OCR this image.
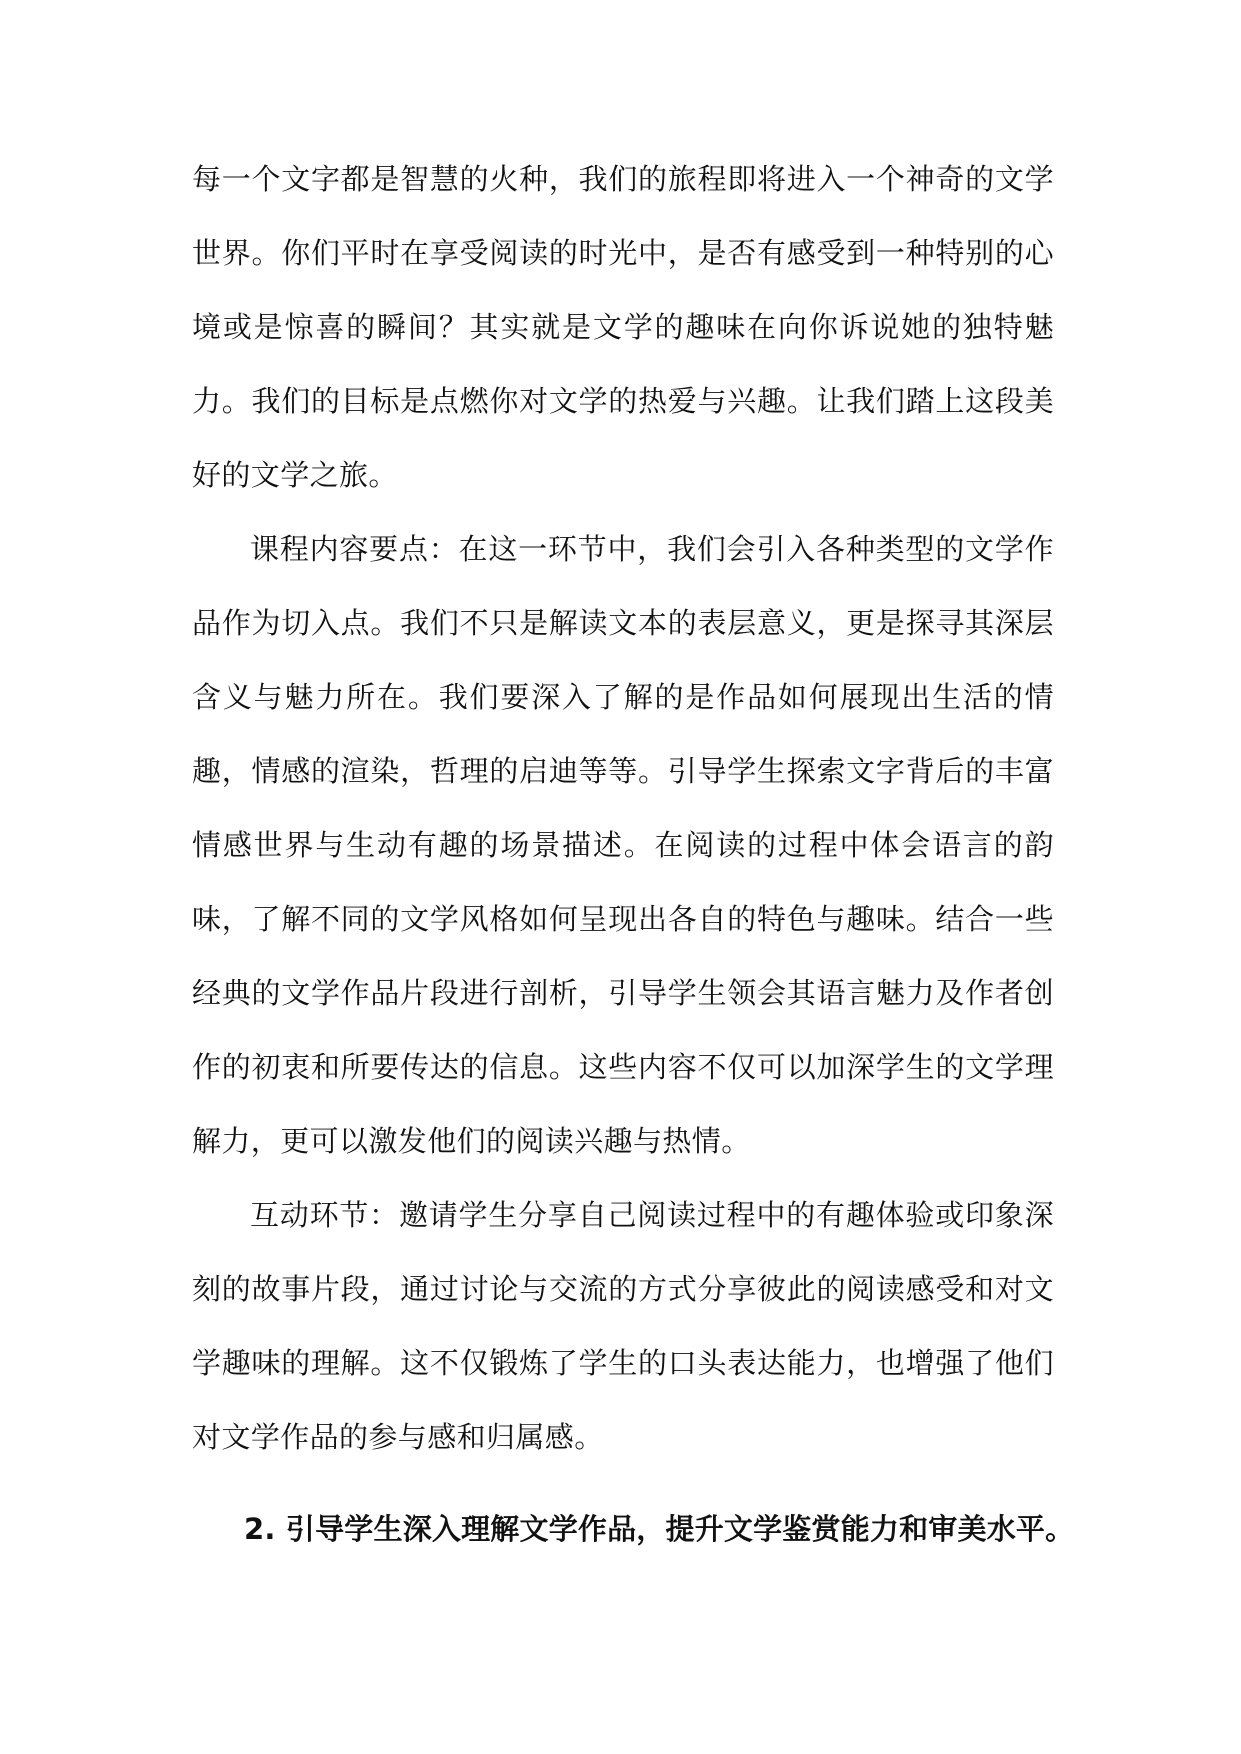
每一个文字都是智慧的火种，我们的旅程即将进入一个神奇的文学世界。你们平时在享受阅读的时光中，是否有感受到一种特别的心境或是惊喜的瞬间？其实就是文学的趣味在向你诉说她的独特魅力。我们的目标是点燃你对文学的热爱与兴趣。让我们踏上这段美好的文学之旅。

课程内容要点：在这一环节中，我们会引入各种类型的文学作品作为切入点。我们不只是解读文本的表层意义，更是探寻其深层含义与魅力所在。我们要深入了解的是作品如何展现出生活的情趣，情感的渲染，哲理的启迪等等。引导学生探索文字背后的丰富情感世界与生动有趣的场景描述。在阅读的过程中体会语言的韵味，了解不同的文学风格如何呈现出各自的特色与趣味。结合一些经典的文学作品片段进行剖析，引导学生领会其语言魅力及作者创作的初衷和所要传达的信息。这些内容不仅可以加深学生的文学理解力，更可以激发他们的阅读兴趣与热情。

互动环节：邀请学生分享自己阅读过程中的有趣体验或印象深刻的故事片段，通过讨论与交流的方式分享彼此的阅读感受和对文学趣味的理解。这不仅锻炼了学生的口头表达能力，也增强了他们对文学作品的参与感和归属感。

2. 引导学生深入理解文学作品，提升文学鉴赏能力和审美水平。
